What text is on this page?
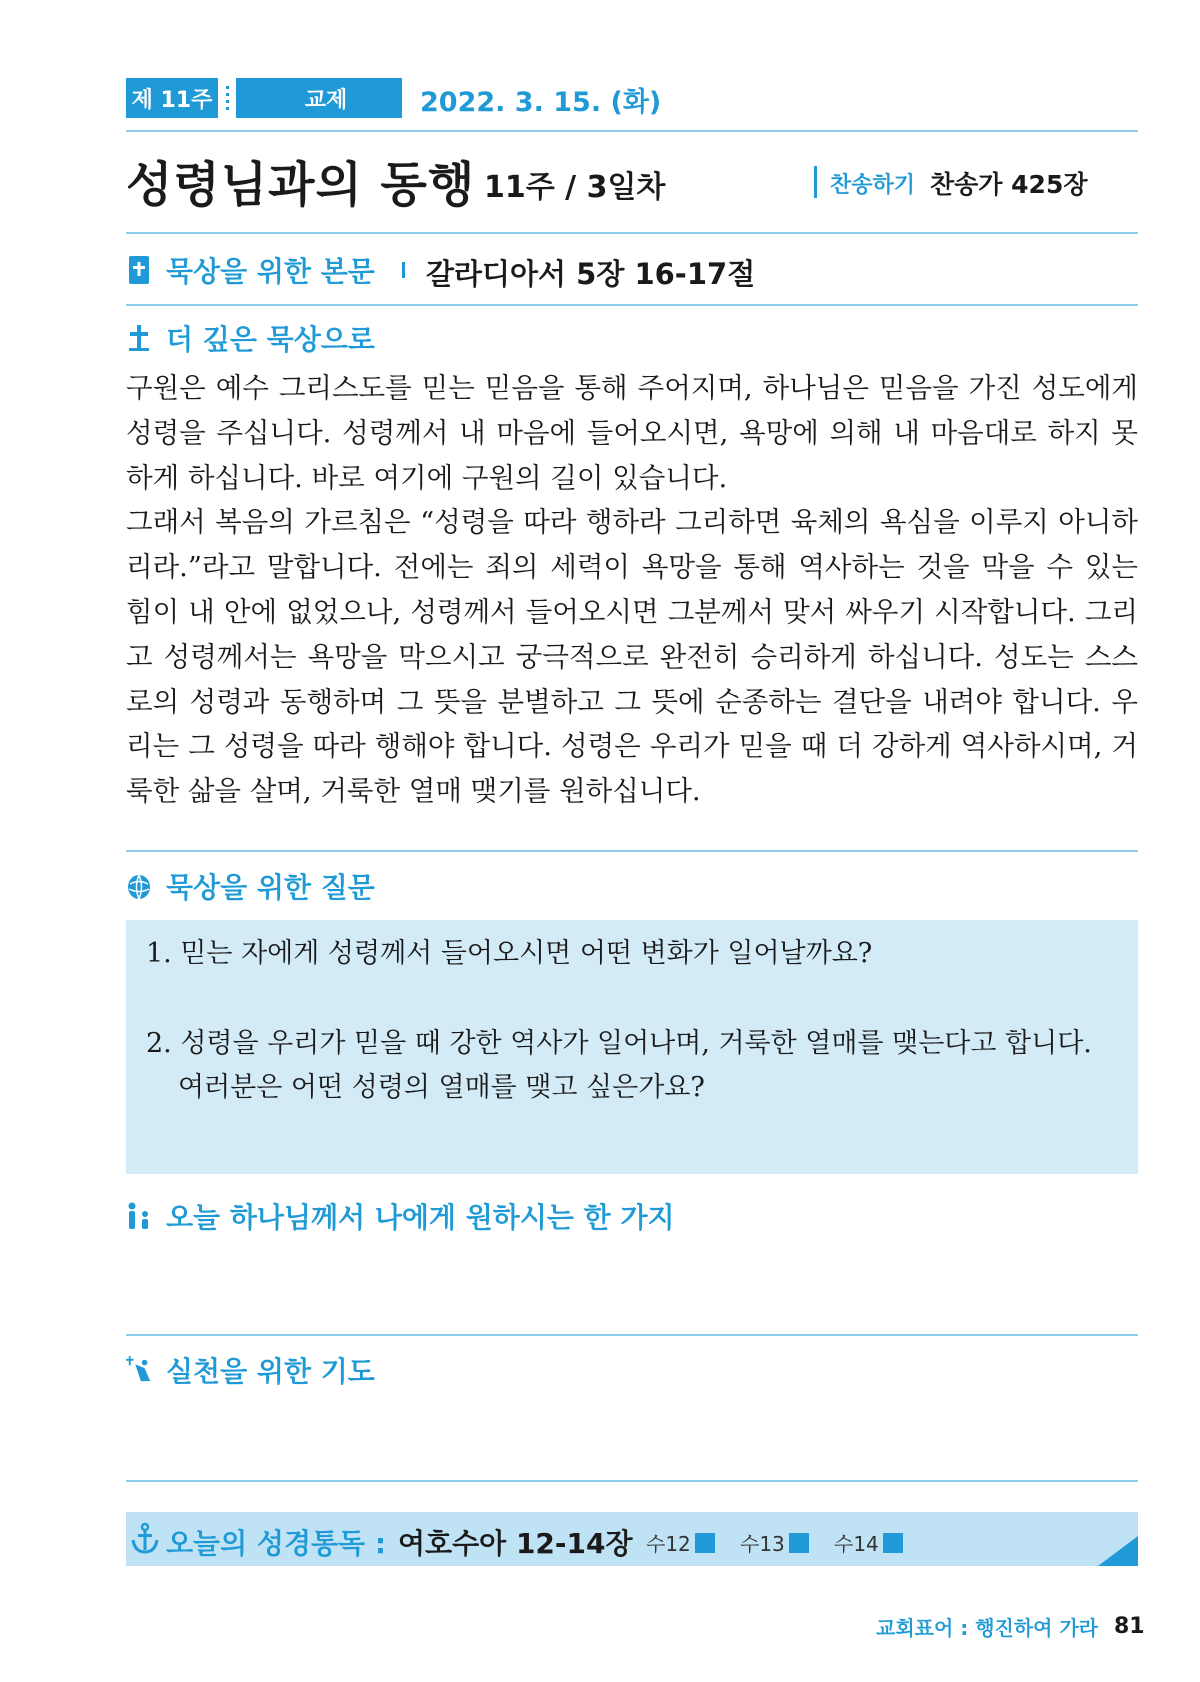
제 11주	교제	2022. 3. 15. (화)
성령님과의 동행 11주 / 3일차	찬송하기 찬송가 425장
묵상을 위한 본문 갈라디아서 5장 16-17절
더 깊은 묵상으로

구원은 예수 그리스도를 믿는 믿음을 통해 주어지며, 하나님은 믿음을 가진 성도에게 성령을 주십니다. 성령께서 내 마음에 들어오시면, 욕망에 의해 내 마음대로 하지 못하게 하십니다. 바로 여기에 구원의 길이 있습니다.

그래서 복음의 가르침은 “성령을 따라 행하라 그리하면 육체의 욕심을 이루지 아니하리라.”라고 말합니다. 전에는 죄의 세력이 욕망을 통해 역사하는 것을 막을 수 있는 힘이 내 안에 없었으나, 성령께서 들어오시면 그분께서 맞서 싸우기 시작합니다. 그리고 성령께서는 욕망을 막으시고 궁극적으로 완전히 승리하게 하십니다. 성도는 스스로의 성령과 동행하며 그 뜻을 분별하고 그 뜻에 순종하는 결단을 내려야 합니다. 우리는 그 성령을 따라 행해야 합니다. 성령은 우리가 믿을 때 더 강하게 역사하시며, 거룩한 삶을 살며, 거룩한 열매 맺기를 원하십니다.

묵상을 위한 질문
1. 믿는 자에게 성령께서 들어오시면 어떤 변화가 일어날까요?
2. 성령을 우리가 믿을 때 강한 역사가 일어나며, 거룩한 열매를 맺는다고 합니다.
여러분은 어떤 성령의 열매를 맺고 싶은가요?
오늘 하나님께서 나에게 원하시는 한 가지
실천을 위한 기도
오늘의 성경통독 : 여호수아 12-14장 수12 수13 수14
교회표어 : 행진하여 가라 81
